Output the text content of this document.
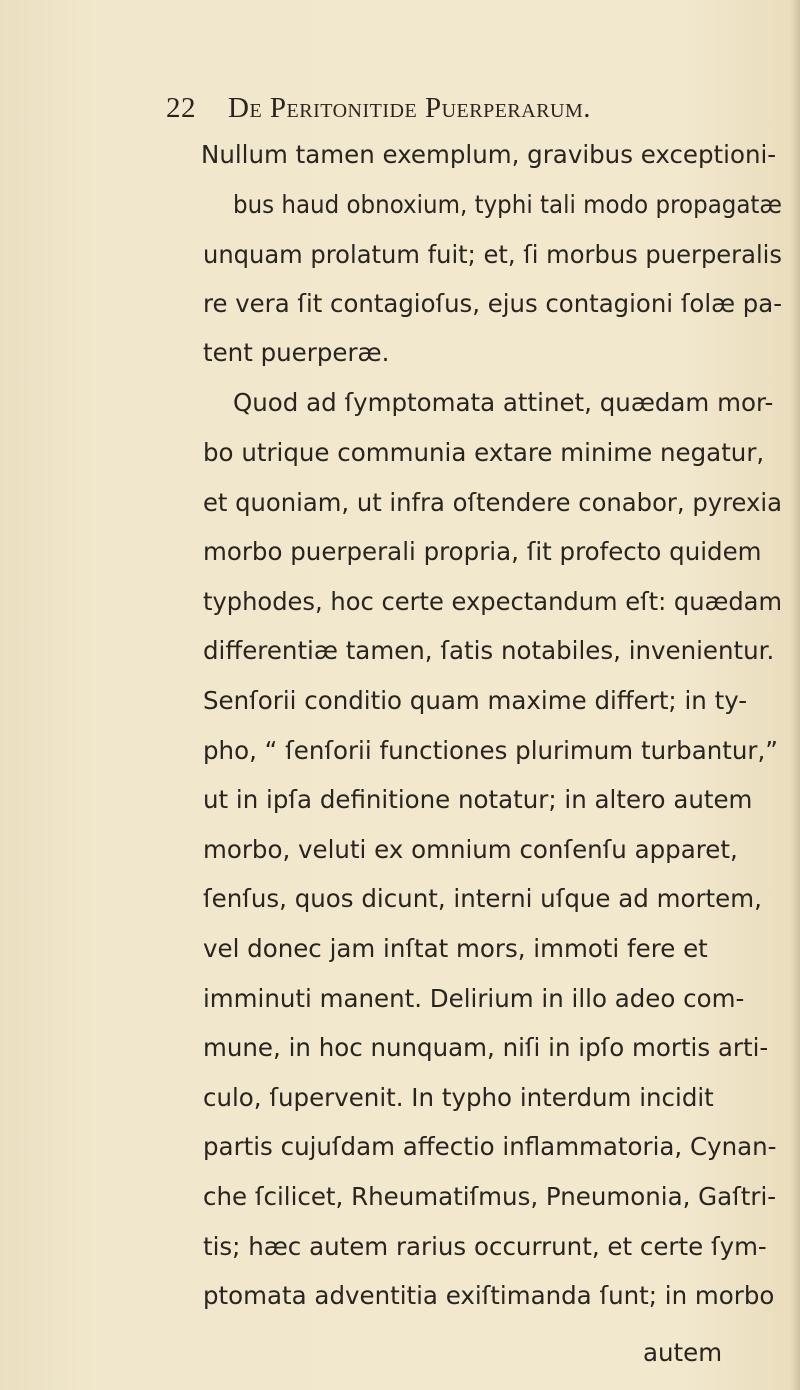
22 De Peritonitide Puerperarum.
Nullum tamen exemplum, gravibus exceptioni-
bus haud obnoxium, typhi tali modo propagatæ
unquam prolatum fuit; et, ſi morbus puerperalis
re vera ſit contagioſus, ejus contagioni ſolæ pa-
tent puerperæ.
Quod ad ſymptomata attinet, quædam mor-
bo utrique communia extare minime negatur,
et quoniam, ut infra oſtendere conabor, pyrexia
morbo puerperali propria, ſit profecto quidem
typhodes, hoc certe expectandum eſt: quædam
differentiæ tamen, ſatis notabiles, invenientur.
Senſorii conditio quam maxime differt; in ty-
pho, “ ſenſorii functiones plurimum turbantur,”
ut in ipſa definitione notatur; in altero autem
morbo, veluti ex omnium conſenſu apparet,
ſenſus, quos dicunt, interni uſque ad mortem,
vel donec jam inſtat mors, immoti fere et
imminuti manent. Delirium in illo adeo com-
mune, in hoc nunquam, niſi in ipſo mortis arti-
culo, ſupervenit. In typho interdum incidit
partis cujuſdam affectio inflammatoria, Cynan-
che ſcilicet, Rheumatiſmus, Pneumonia, Gaſtri-
tis; hæc autem rarius occurrunt, et certe ſym-
ptomata adventitia exiſtimanda ſunt; in morbo
autem
